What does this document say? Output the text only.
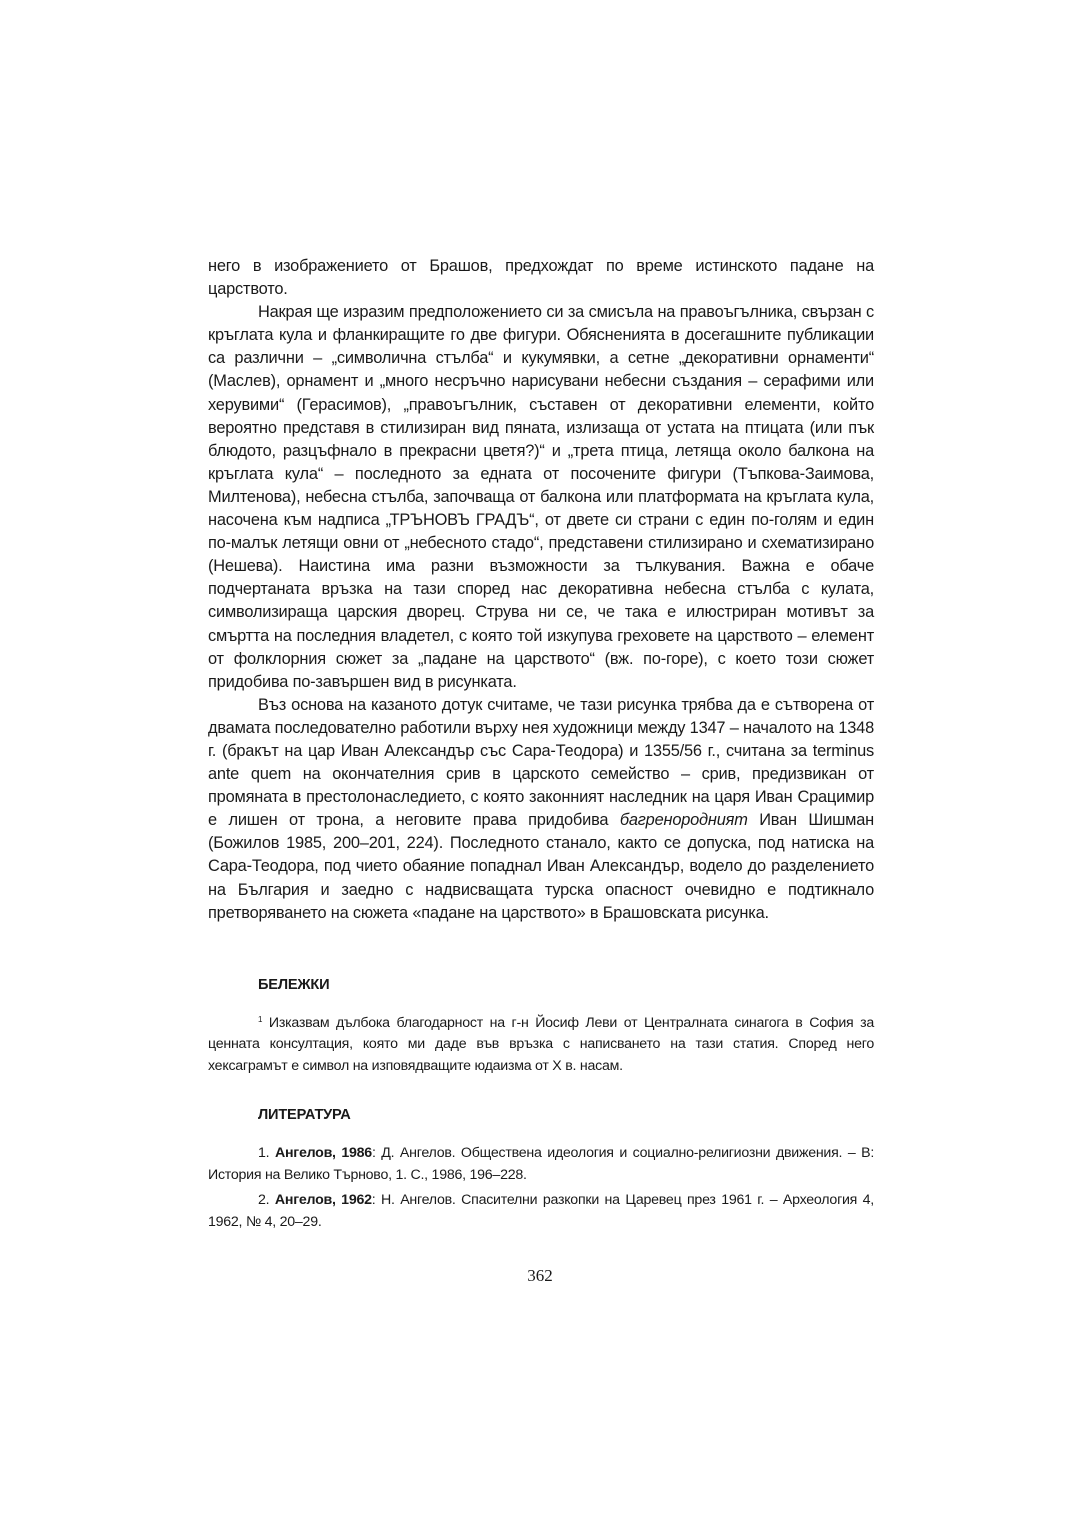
него в изображението от Брашов, предхождат по време истинското падане на царството.

Накрая ще изразим предположението си за смисъла на правоъгълника, свързан с кръглата кула и фланкиращите го две фигури. Обясненията в досегашните публикации са различни – „символична стълба“ и кукумявки, а сетне „декоративни орнаменти“ (Маслев), орнамент и „много несръчно нарисувани небесни създания – серафими или херувими“ (Герасимов), „правоъгълник, съставен от декоративни елементи, който вероятно представя в стилизиран вид пяната, излизаща от устата на птицата (или пък блюдото, разцъфнало в прекрасни цветя?)“ и „трета птица, летяща около балкона на кръглата кула“ – последното за едната от посочените фигури (Тъпкова-Заимова, Милтенова), небесна стълба, започваща от балкона или платформата на кръглата кула, насочена към надписа „ТРЪНОВЪ ГРАДЪ“, от двете си страни с един по-голям и един по-малък летящи овни от „небесното стадо“, представени стилизирано и схематизирано (Нешева). Наистина има разни възможности за тълкувания. Важна е обаче подчертаната връзка на тази според нас декоративна небесна стълба с кулата, символизираща царския дворец. Струва ни се, че така е илюстриран мотивът за смъртта на последния владетел, с която той изкупува греховете на царството – елемент от фолклорния сюжет за „падане на царството“ (вж. по-горе), с което този сюжет придобива по-завършен вид в рисунката.

Въз основа на казаното дотук считаме, че тази рисунка трябва да е сътворена от двамата последователно работили върху нея художници между 1347 – началото на 1348 г. (бракът на цар Иван Александър със Сара-Теодора) и 1355/56 г., считана за terminus ante quem на окончателния срив в царското семейство – срив, предизвикан от промяната в престолонаследието, с която законният наследник на царя Иван Срацимир е лишен от трона, а неговите права придобива багренородният Иван Шишман (Божилов 1985, 200–201, 224). Последното станало, както се допуска, под натиска на Сара-Теодора, под чието обаяние попаднал Иван Александър, водело до разделението на България и заедно с надвисващата турска опасност очевидно е подтикнало претворяването на сюжета «падане на царството» в Брашовската рисунка.

БЕЛЕЖКИ

$^1$ Изказвам дълбока благодарност на г-н Йосиф Леви от Централната синагога в София за ценната консултация, която ми даде във връзка с написването на тази статия. Според него хексаграмът е символ на изповядващите юдаизма от X в. насам.

ЛИТЕРАТУРА

1. Ангелов, 1986: Д. Ангелов. Обществена идеология и социално-религиозни движения. – В: История на Велико Търново, 1. С., 1986, 196–228.

2. Ангелов, 1962: Н. Ангелов. Спасителни разкопки на Царевец през 1961 г. – Археология 4, 1962, № 4, 20–29.

362
